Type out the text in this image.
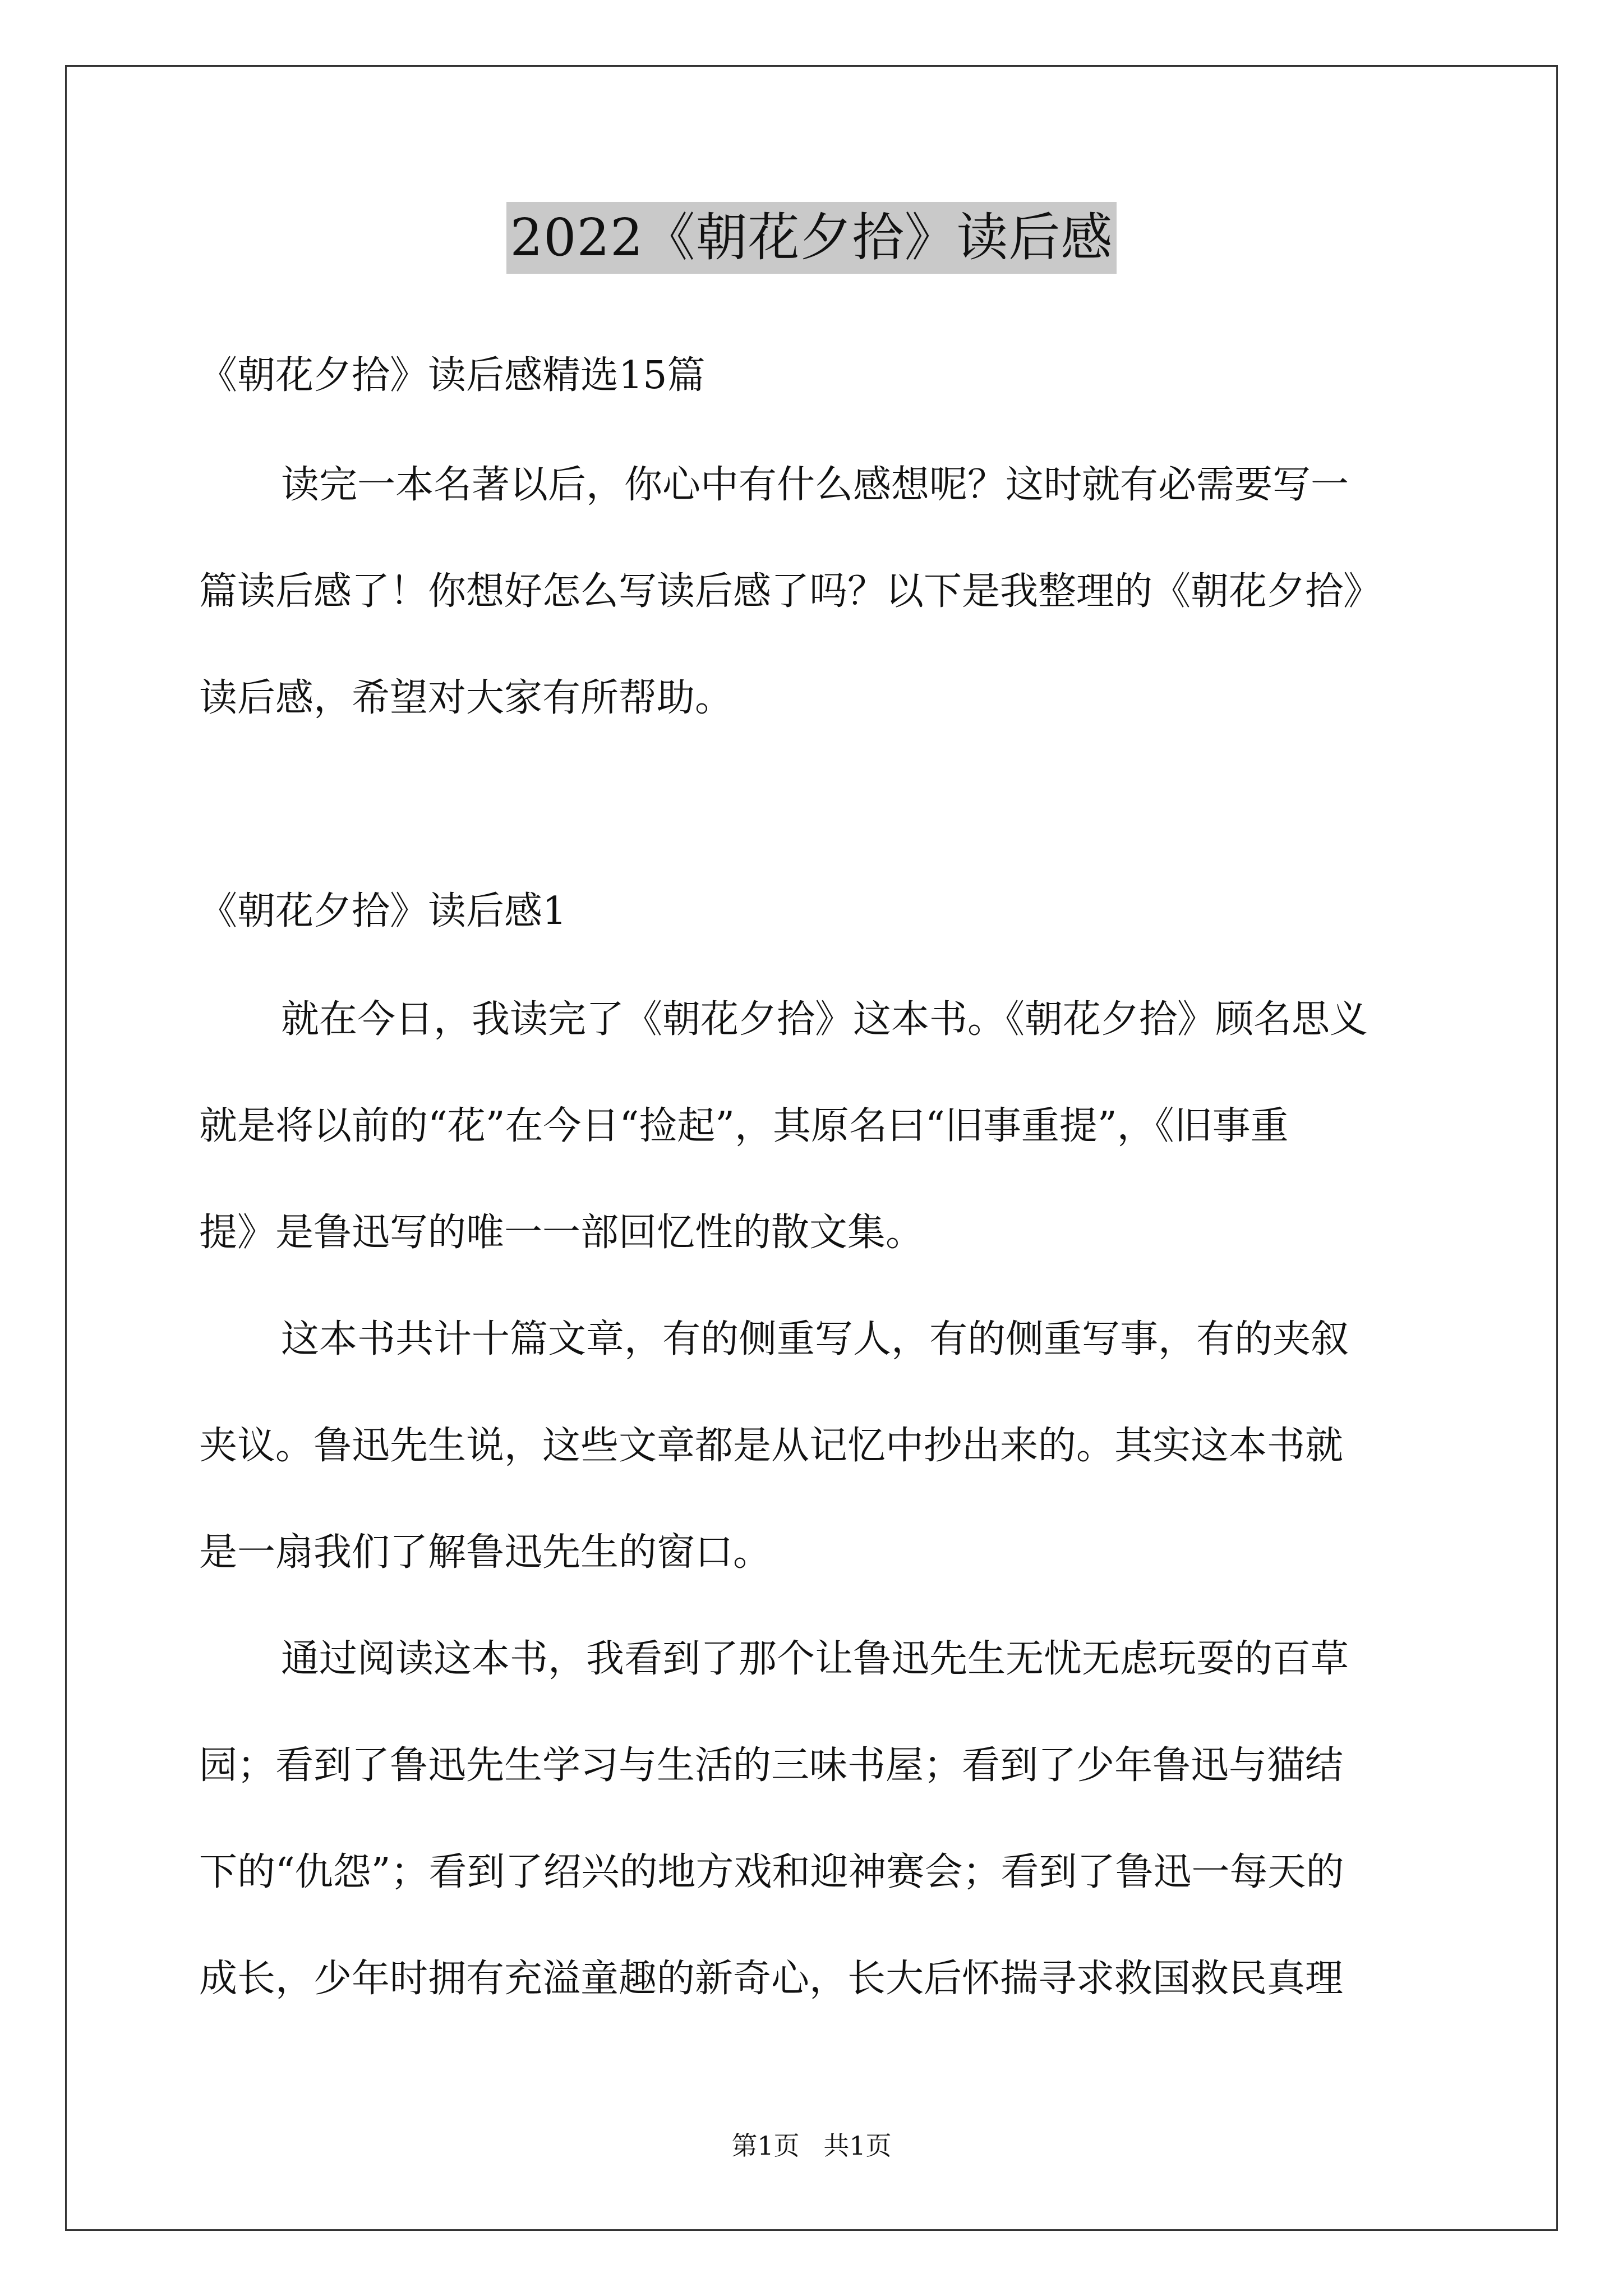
2022《朝花夕拾》读后感
《朝花夕拾》读后感精选15篇
读完一本名著以后，你心中有什么感想呢？这时就有必需要写一
篇读后感了！你想好怎么写读后感了吗？以下是我整理的《朝花夕拾》
读后感，希望对大家有所帮助。
《朝花夕拾》读后感1
就在今日，我读完了《朝花夕拾》这本书。《朝花夕拾》顾名思义
就是将以前的“花”在今日“捡起”，其原名曰“旧事重提”，《旧事重
提》是鲁迅写的唯一一部回忆性的散文集。
这本书共计十篇文章，有的侧重写人，有的侧重写事，有的夹叙
夹议。鲁迅先生说，这些文章都是从记忆中抄出来的。其实这本书就
是一扇我们了解鲁迅先生的窗口。
通过阅读这本书，我看到了那个让鲁迅先生无忧无虑玩耍的百草
园；看到了鲁迅先生学习与生活的三味书屋；看到了少年鲁迅与猫结
下的“仇怨”；看到了绍兴的地方戏和迎神赛会；看到了鲁迅一每天的
成长，少年时拥有充溢童趣的新奇心，长大后怀揣寻求救国救民真理
第1页 共1页
